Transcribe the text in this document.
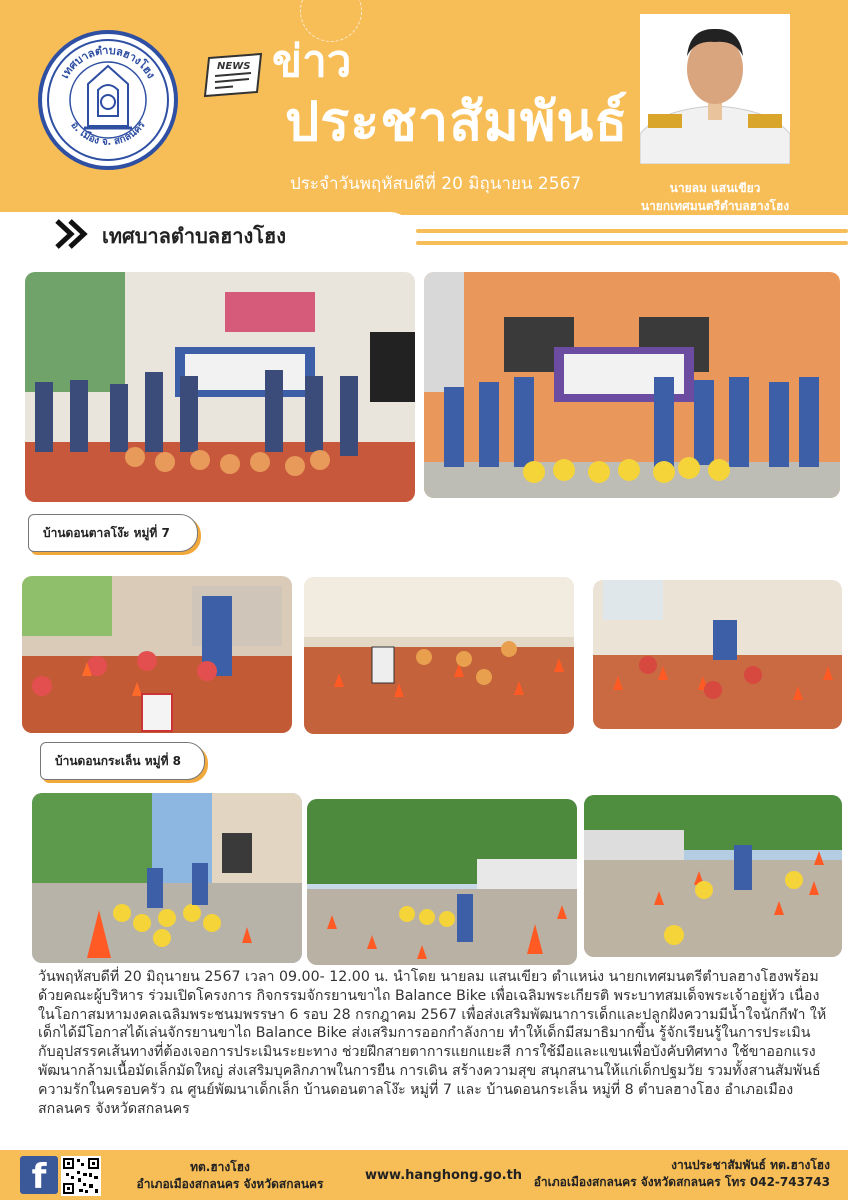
เทศบาลตำบลฮางโฮง
อ. เมือง จ. สกลนคร
NEWS ข่าว
ประชาสัมพันธ์
ประจำวันพฤหัสบดีที่ 20 มิถุนายน 2567	นายลม แสนเขียว
นายกเทศมนตรีตำบลฮางโฮง
เทศบาลตำบลฮางโฮง
บ้านดอนตาลโง๊ะ หมู่ที่ 7
บ้านดอนกระเล็น หมู่ที่ 8
วันพฤหัสบดีที่ 20 มิถุนายน 2567 เวลา 09.00- 12.00 น. นำโดย นายลม แสนเขียว ตำแหน่ง นายกเทศมนตรีตำบลฮางโฮงพร้อมด้วยคณะผู้บริหาร ร่วมเปิดโครงการ กิจกรรมจักรยานขาไถ Balance Bike เพื่อเฉลิมพระเกียรติ พระบาทสมเด็จพระเจ้าอยู่หัว เนื่องในโอกาสมหามงคลเฉลิมพระชนมพรรษา 6 รอบ 28 กรกฎาคม 2567 เพื่อส่งเสริมพัฒนาการเด็กและปลูกฝังความมีน้ำใจนักกีฬา ให้เด็กได้มีโอกาสได้เล่นจักรยานขาไถ Balance Bike ส่งเสริมการออกกำลังกาย ทำให้เด็กมีสมาธิมากขึ้น รู้จักเรียนรู้ในการประเมินกับอุปสรรคเส้นทางที่ต้องเจอการประเมินระยะทาง ช่วยฝึกสายตาการแยกแยะสี การใช้มือและแขนเพื่อบังคับทิศทาง ใช้ขาออกแรง พัฒนากล้ามเนื้อมัดเล็กมัดใหญ่ ส่งเสริมบุคลิกภาพในการยืน การเดิน สร้างความสุข สนุกสนานให้แก่เด็กปฐมวัย รวมทั้งสานสัมพันธ์ความรักในครอบครัว ณ ศูนย์พัฒนาเด็กเล็ก บ้านดอนตาลโง๊ะ หมู่ที่ 7 และ บ้านดอนกระเล็น หมู่ที่ 8 ตำบลฮางโฮง อำเภอเมืองสกลนคร จังหวัดสกลนคร
f	ทต.ฮางโฮง
อำเภอเมืองสกลนคร จังหวัดสกลนคร
www.hanghong.go.th
งานประชาสัมพันธ์ ทต.ฮางโฮง
อำเภอเมืองสกลนคร จังหวัดสกลนคร โทร 042-743743
